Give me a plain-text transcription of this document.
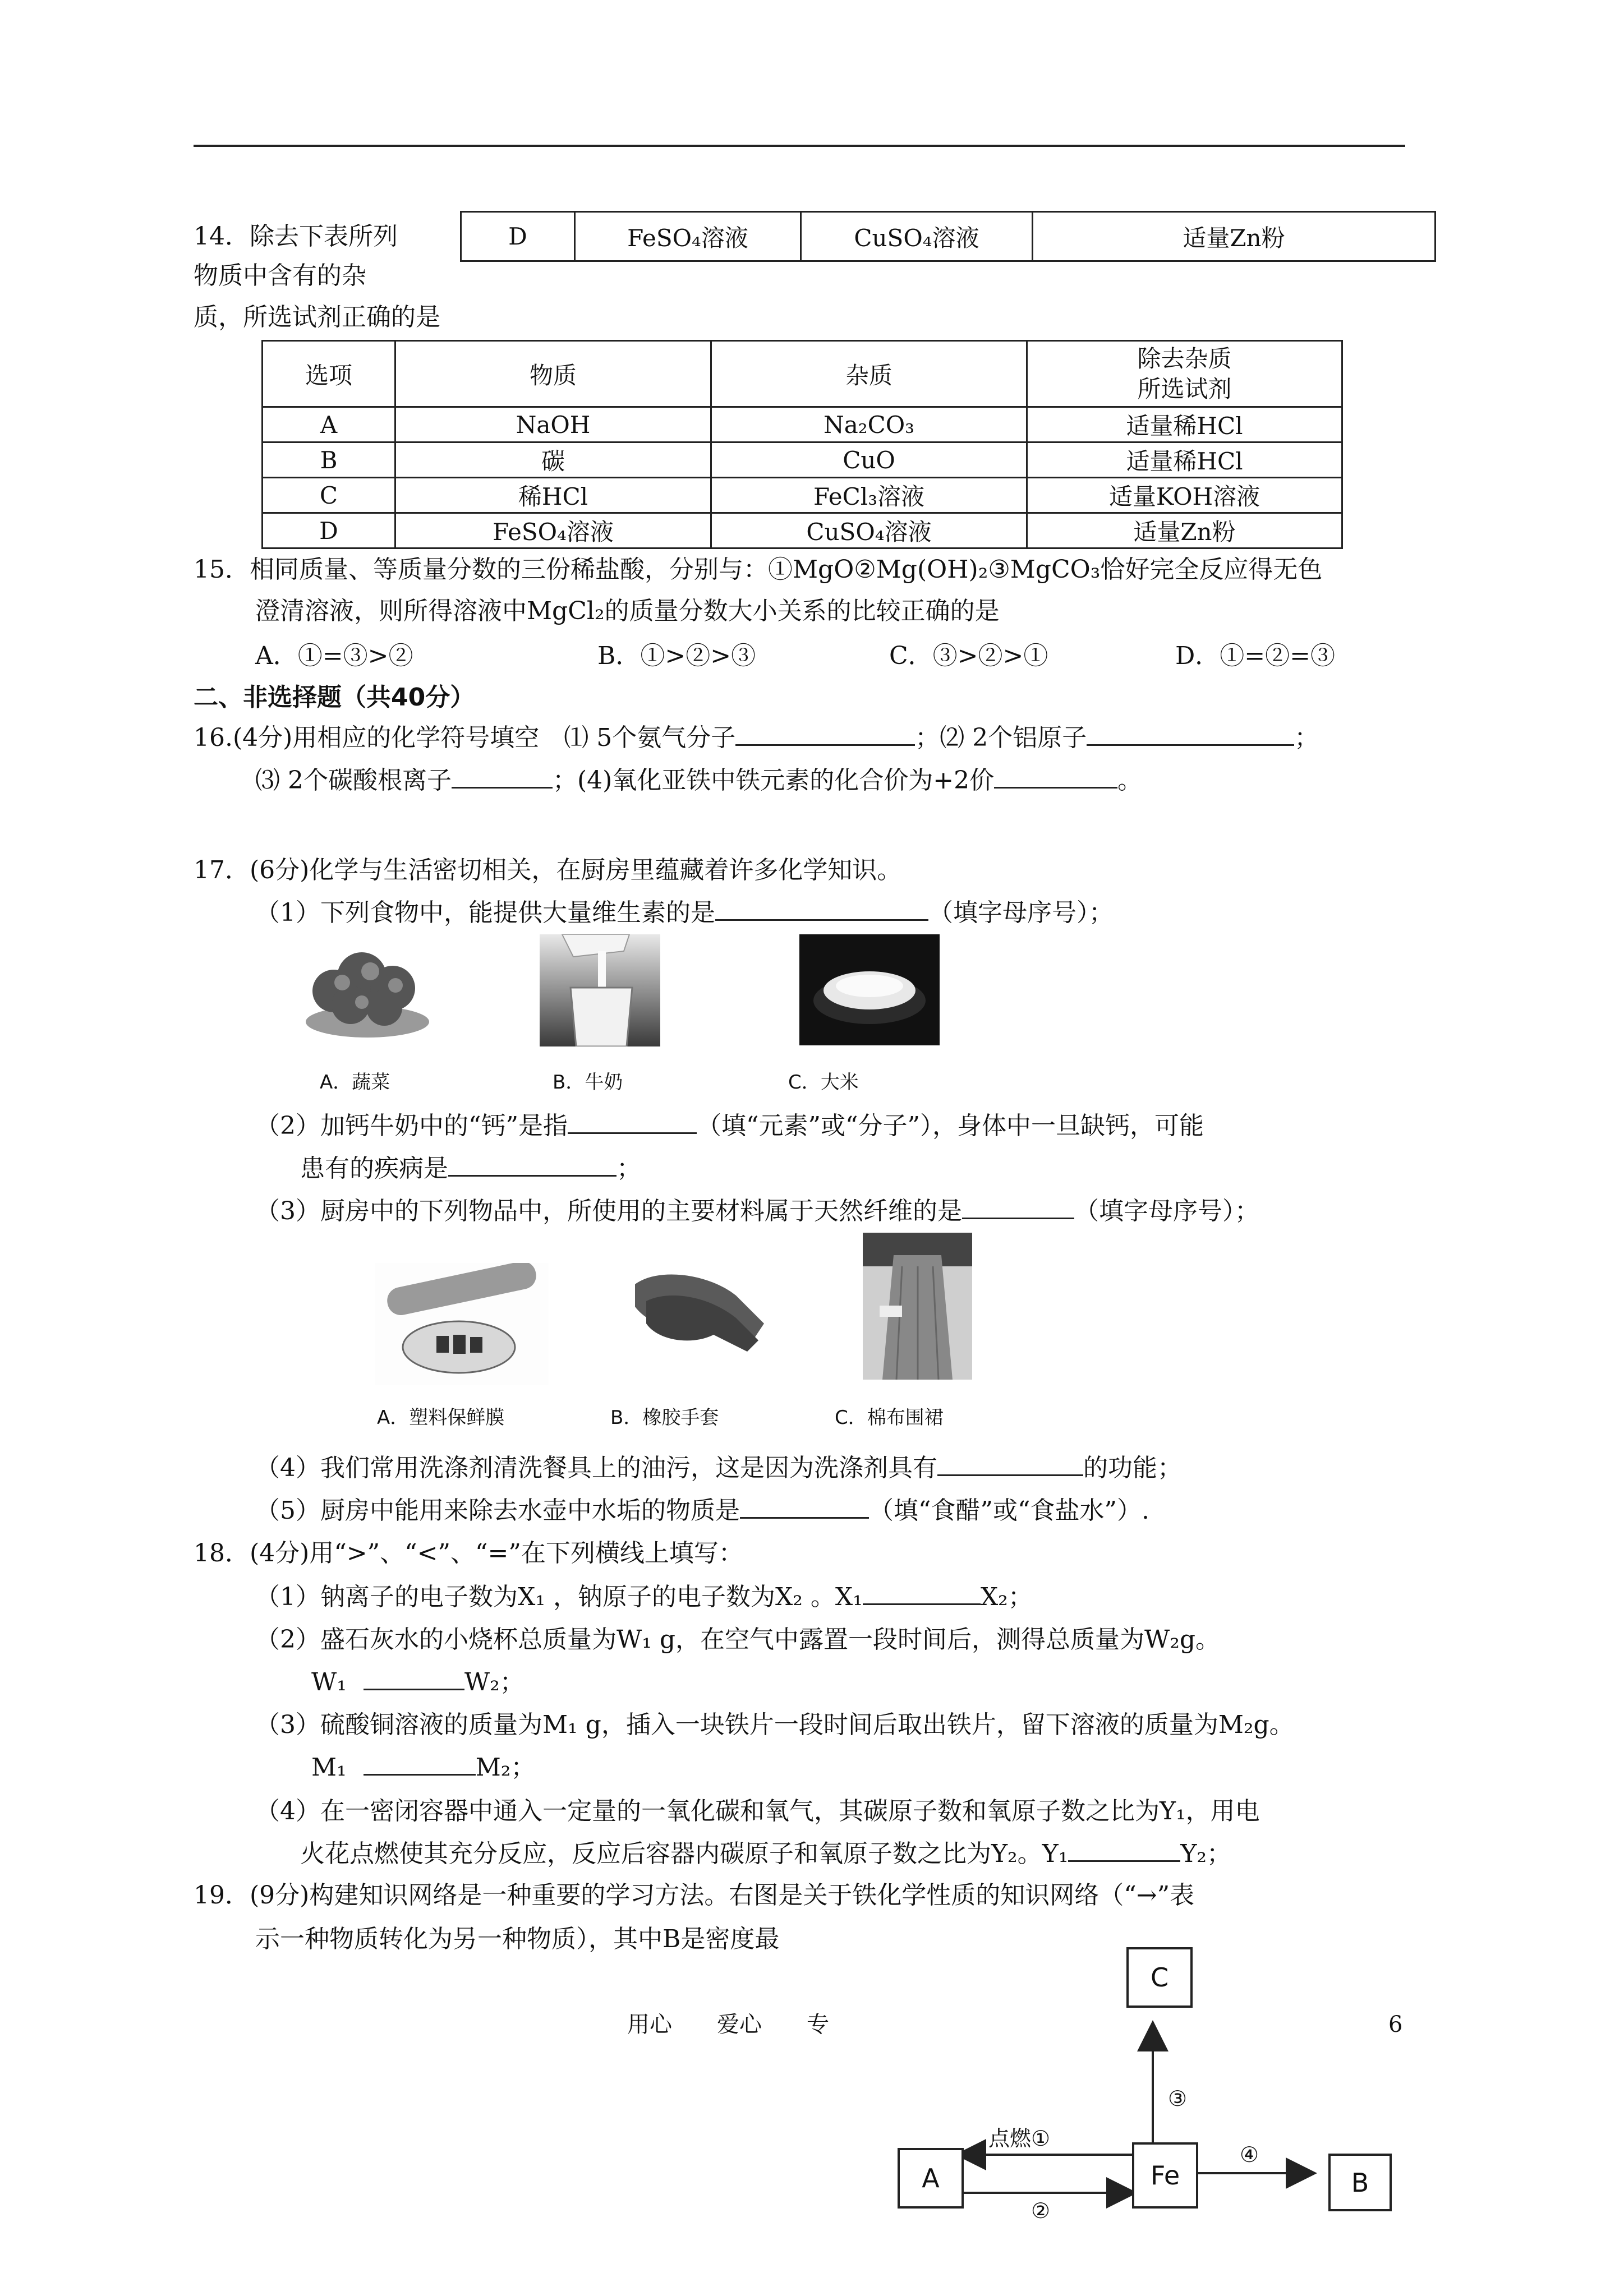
14．除去下表所列
物质中含有的杂
质，所选试剂正确的是
D	FeSO₄溶液	CuSO₄溶液	适量Zn粉
选项	物质	杂质	除去杂质
所选试剂

A	NaOH	Na₂CO₃	适量稀HCl
B	碳	CuO	适量稀HCl
C	稀HCl	FeCl₃溶液	适量KOH溶液
D	FeSO₄溶液	CuSO₄溶液	适量Zn粉
15．相同质量、等质量分数的三份稀盐酸，分别与：①MgO②Mg(OH)₂③MgCO₃恰好完全反应得无色
澄清溶液，则所得溶液中MgCl₂的质量分数大小关系的比较正确的是
A．①=③>②	B．①>②>③	C．③>②>①	D．①=②=③
二、非选择题（共40分）
16.(4分)用相应的化学符号填空　⑴ 5个氨气分子	；⑵ 2个铝原子	；
⑶ 2个碳酸根离子	；(4)氧化亚铁中铁元素的化合价为+2价	。
17．(6分)化学与生活密切相关，在厨房里蕴藏着许多化学知识。
（1）下列食物中，能提供大量维生素的是	（填字母序号）；
A．蔬菜	B．牛奶	C．大米
（2）加钙牛奶中的“钙”是指	（填“元素”或“分子”），身体中一旦缺钙，可能
患有的疾病是	；
（3）厨房中的下列物品中，所使用的主要材料属于天然纤维的是	（填字母序号）；
A．塑料保鲜膜	B．橡胶手套	C．棉布围裙
（4）我们常用洗涤剂清洗餐具上的油污，这是因为洗涤剂具有	的功能；
（5）厨房中能用来除去水壶中水垢的物质是	（填“食醋”或“食盐水”）.
18．(4分)用“>”、“<”、“=”在下列横线上填写：
（1）钠离子的电子数为X₁ ，钠原子的电子数为X₂ 。X₁	X₂；
（2）盛石灰水的小烧杯总质量为W₁ g，在空气中露置一段时间后，测得总质量为W₂g。
W₁	W₂；
（3）硫酸铜溶液的质量为M₁ g，插入一块铁片一段时间后取出铁片，留下溶液的质量为M₂g。
M₁	M₂；
（4）在一密闭容器中通入一定量的一氧化碳和氧气，其碳原子数和氧原子数之比为Y₁，用电
火花点燃使其充分反应，反应后容器内碳原子和氧原子数之比为Y₂。Y₁	Y₂；
19．(9分)构建知识网络是一种重要的学习方法。右图是关于铁化学性质的知识网络（“→”表
示一种物质转化为另一种物质），其中B是密度最
用心　　爱心　　专	6
C
A	Fe	B
点燃①
②
③
④
